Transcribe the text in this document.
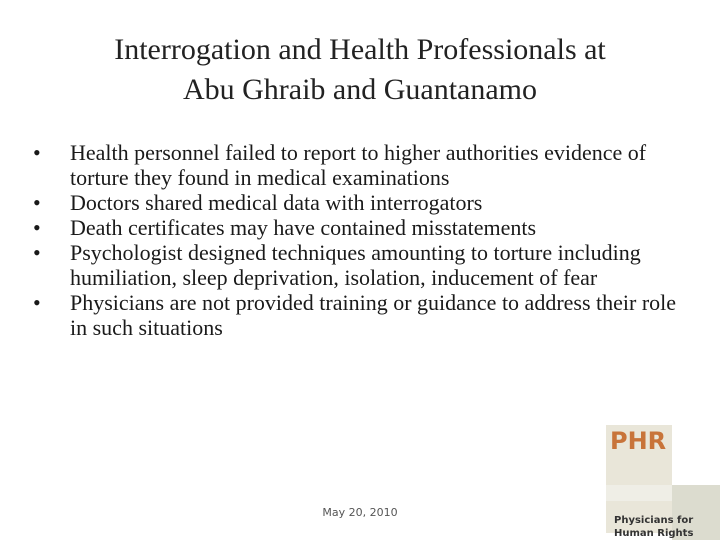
Interrogation and Health Professionals at
Abu Ghraib and Guantanamo
• Health personnel failed to report to higher authorities evidence of torture they found in medical examinations
• Doctors shared medical data with interrogators
• Death certificates may have contained misstatements
• Psychologist designed techniques amounting to torture including humiliation, sleep deprivation, isolation, inducement of fear
• Physicians are not provided training or guidance to address their role in such situations
May 20, 2010
PHR
Physicians for
Human Rights
